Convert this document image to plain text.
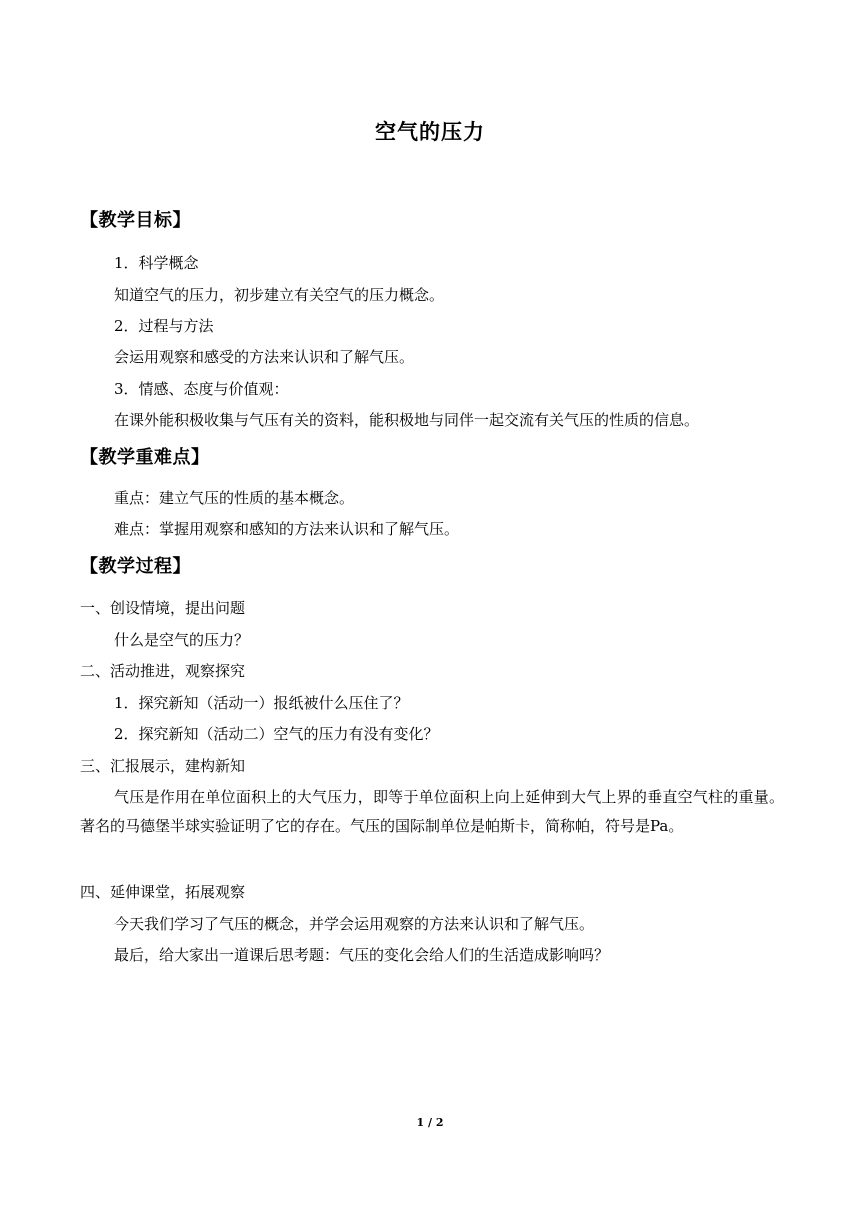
空气的压力
【教学目标】
1．科学概念
知道空气的压力，初步建立有关空气的压力概念。
2．过程与方法
会运用观察和感受的方法来认识和了解气压。
3．情感、态度与价值观：
在课外能积极收集与气压有关的资料，能积极地与同伴一起交流有关气压的性质的信息。
【教学重难点】
重点：建立气压的性质的基本概念。
难点：掌握用观察和感知的方法来认识和了解气压。
【教学过程】
一、创设情境，提出问题
什么是空气的压力？
二、活动推进，观察探究
1．探究新知（活动一）报纸被什么压住了？
2．探究新知（活动二）空气的压力有没有变化？
三、汇报展示，建构新知
气压是作用在单位面积上的大气压力，即等于单位面积上向上延伸到大气上界的垂直空气柱的重量。著名的马德堡半球实验证明了它的存在。气压的国际制单位是帕斯卡，简称帕，符号是Pa。
四、延伸课堂，拓展观察
今天我们学习了气压的概念，并学会运用观察的方法来认识和了解气压。
最后，给大家出一道课后思考题：气压的变化会给人们的生活造成影响吗？
1 / 2
